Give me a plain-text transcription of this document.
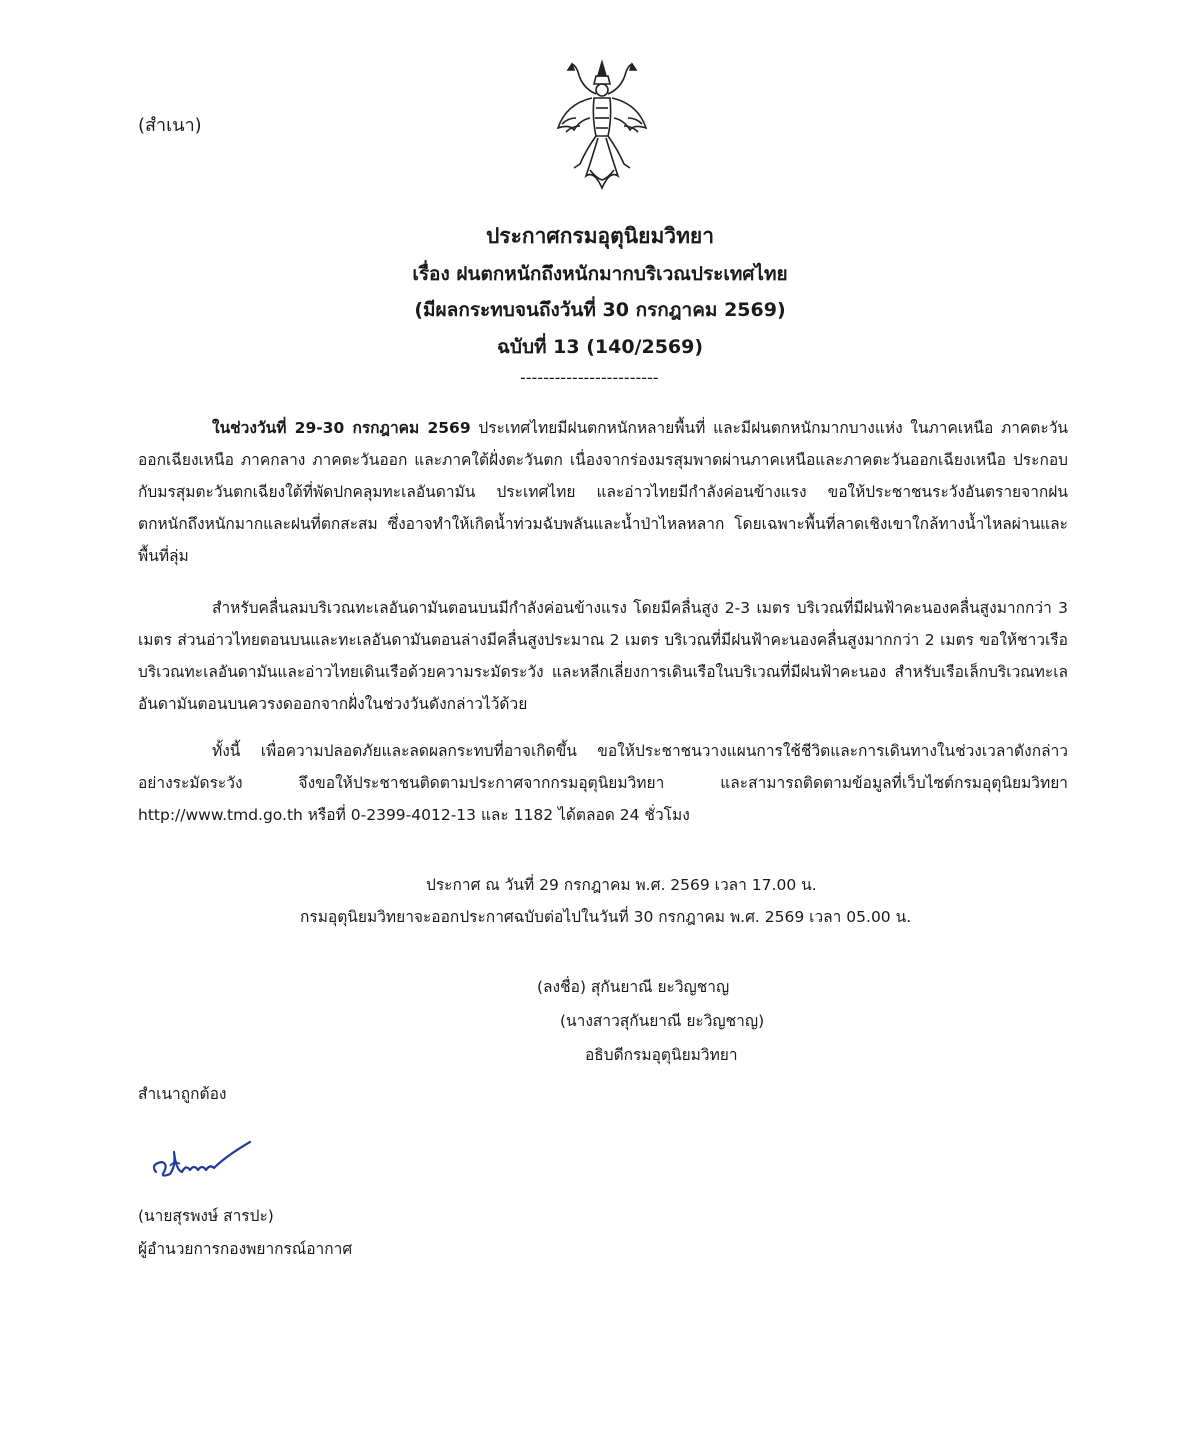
(สำเนา)
ประกาศกรมอุตุนิยมวิทยา
เรื่อง ฝนตกหนักถึงหนักมากบริเวณประเทศไทย
(มีผลกระทบจนถึงวันที่ 30 กรกฎาคม 2569)
ฉบับที่ 13 (140/2569)
------------------------

ในช่วงวันที่ 29-30 กรกฎาคม 2569 ประเทศไทยมีฝนตกหนักหลายพื้นที่ และมีฝนตกหนักมากบางแห่ง ในภาคเหนือ ภาคตะวันออกเฉียงเหนือ ภาคกลาง ภาคตะวันออก และภาคใต้ฝั่งตะวันตก เนื่องจากร่องมรสุมพาดผ่านภาคเหนือและภาคตะวันออกเฉียงเหนือ ประกอบกับมรสุมตะวันตกเฉียงใต้ที่พัดปกคลุมทะเลอันดามัน ประเทศไทย และอ่าวไทยมีกำลังค่อนข้างแรง ขอให้ประชาชนระวังอันตรายจากฝนตกหนักถึงหนักมากและฝนที่ตกสะสม ซึ่งอาจทำให้เกิดน้ำท่วมฉับพลันและน้ำป่าไหลหลาก โดยเฉพาะพื้นที่ลาดเชิงเขาใกล้ทางน้ำไหลผ่านและพื้นที่ลุ่ม

สำหรับคลื่นลมบริเวณทะเลอันดามันตอนบนมีกำลังค่อนข้างแรง โดยมีคลื่นสูง 2-3 เมตร บริเวณที่มีฝนฟ้าคะนองคลื่นสูงมากกว่า 3 เมตร ส่วนอ่าวไทยตอนบนและทะเลอันดามันตอนล่างมีคลื่นสูงประมาณ 2 เมตร บริเวณที่มีฝนฟ้าคะนองคลื่นสูงมากกว่า 2 เมตร ขอให้ชาวเรือบริเวณทะเลอันดามันและอ่าวไทยเดินเรือด้วยความระมัดระวัง และหลีกเลี่ยงการเดินเรือในบริเวณที่มีฝนฟ้าคะนอง สำหรับเรือเล็กบริเวณทะเลอันดามันตอนบนควรงดออกจากฝั่งในช่วงวันดังกล่าวไว้ด้วย

ทั้งนี้ เพื่อความปลอดภัยและลดผลกระทบที่อาจเกิดขึ้น ขอให้ประชาชนวางแผนการใช้ชีวิตและการเดินทางในช่วงเวลาดังกล่าวอย่างระมัดระวัง จึงขอให้ประชาชนติดตามประกาศจากกรมอุตุนิยมวิทยา และสามารถติดตามข้อมูลที่เว็บไซต์กรมอุตุนิยมวิทยา http://www.tmd.go.th หรือที่ 0-2399-4012-13 และ 1182 ได้ตลอด 24 ชั่วโมง

ประกาศ ณ วันที่ 29 กรกฎาคม พ.ศ. 2569 เวลา 17.00 น.
กรมอุตุนิยมวิทยาจะออกประกาศฉบับต่อไปในวันที่ 30 กรกฎาคม พ.ศ. 2569 เวลา 05.00 น.
(ลงชื่อ) สุกันยาณี ยะวิญชาญ
(นางสาวสุกันยาณี ยะวิญชาญ)
อธิบดีกรมอุตุนิยมวิทยา
สำเนาถูกต้อง
(นายสุรพงษ์ สารปะ)
ผู้อำนวยการกองพยากรณ์อากาศ
